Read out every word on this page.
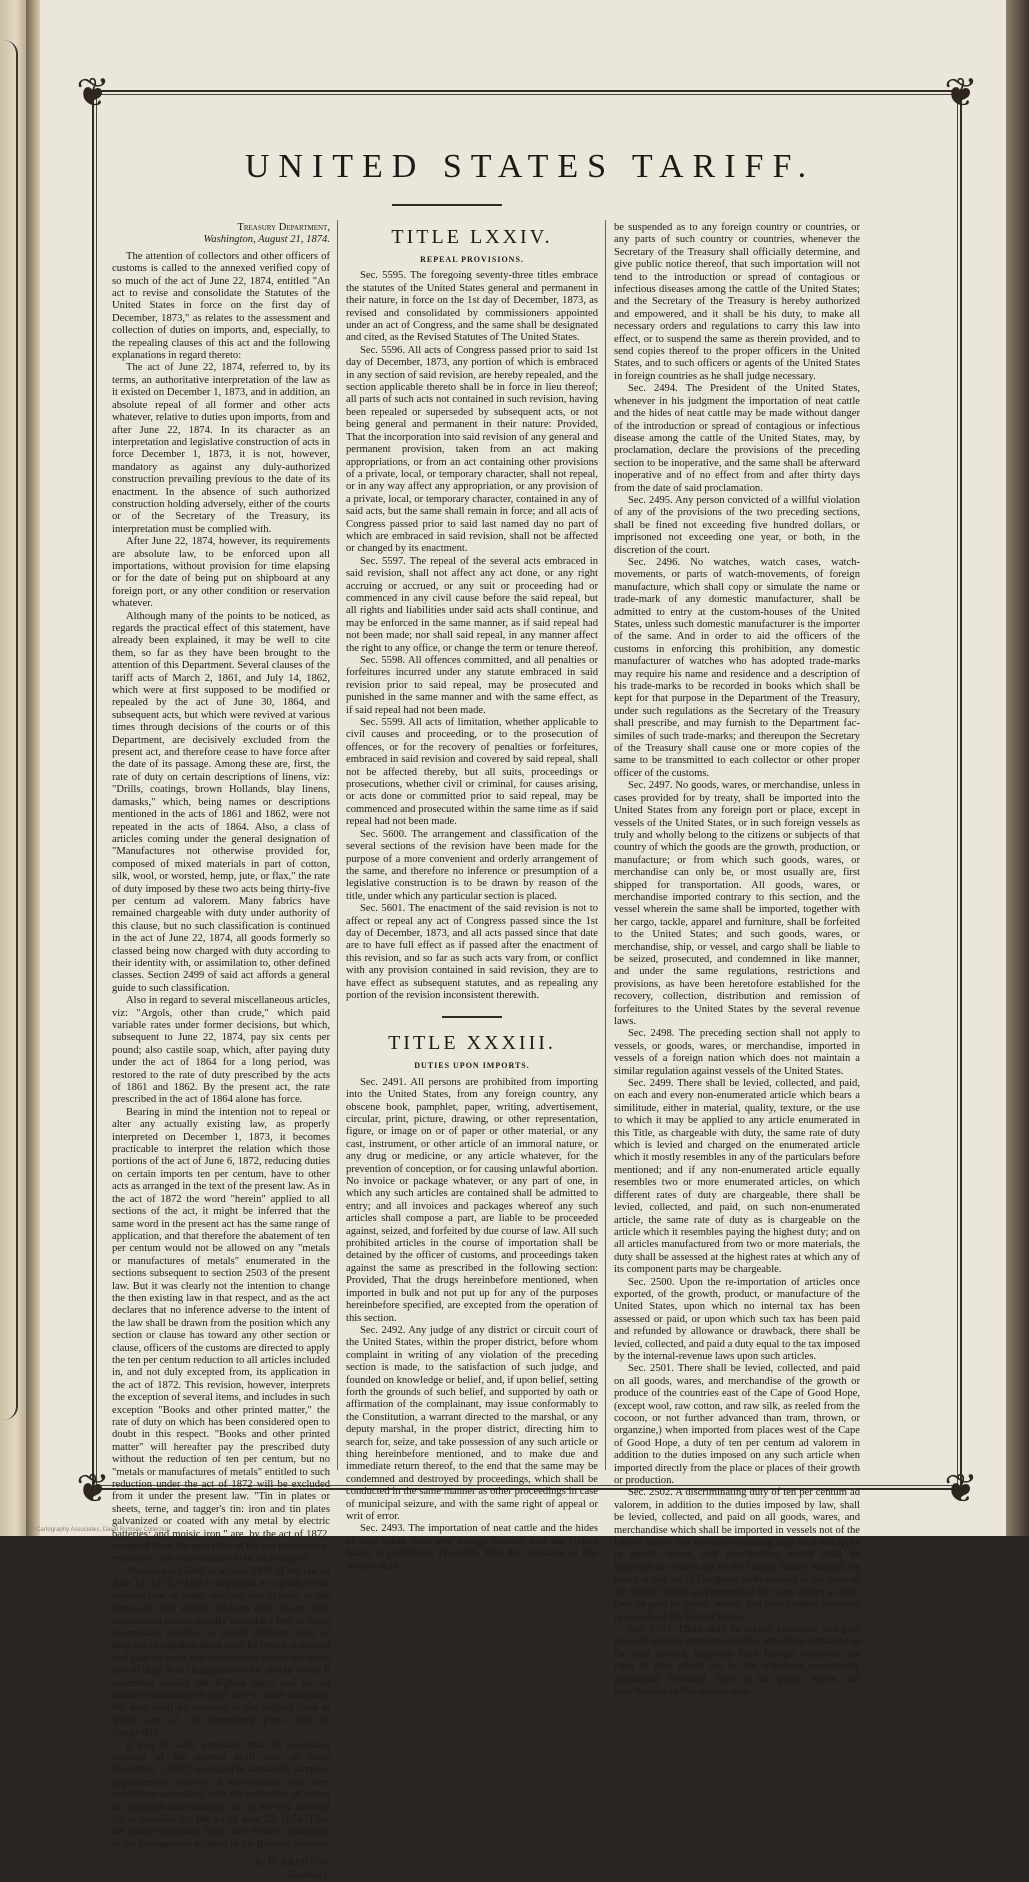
❦	❦
❦	❦
UNITED STATES TARIFF.
Treasury Department,
Washington, August 21, 1874.

The attention of collectors and other officers of customs is called to the annexed verified copy of so much of the act of June 22, 1874, entitled "An act to revise and consolidate the Statutes of the United States in force on the first day of December, 1873," as relates to the assessment and collection of duties on imports, and, especially, to the repealing clauses of this act and the following explanations in regard thereto:

The act of June 22, 1874, referred to, by its terms, an authoritative interpretation of the law as it existed on December 1, 1873, and in addition, an absolute repeal of all former and other acts whatever, relative to duties upon imports, from and after June 22, 1874. In its character as an interpretation and legislative construction of acts in force December 1, 1873, it is not, however, mandatory as against any duly-authorized construction prevailing previous to the date of its enactment. In the absence of such authorized construction holding adversely, either of the courts or of the Secretary of the Treasury, its interpretation must be complied with.

After June 22, 1874, however, its requirements are absolute law, to be enforced upon all importations, without provision for time elapsing or for the date of being put on shipboard at any foreign port, or any other condition or reservation whatever.

Although many of the points to be noticed, as regards the practical effect of this statement, have already been explained, it may be well to cite them, so far as they have been brought to the attention of this Department. Several clauses of the tariff acts of March 2, 1861, and July 14, 1862, which were at first supposed to be modified or repealed by the act of June 30, 1864, and subsequent acts, but which were revived at various times through decisions of the courts or of this Department, are decisively excluded from the present act, and therefore cease to have force after the date of its passage. Among these are, first, the rate of duty on certain descriptions of linens, viz: "Drills, coatings, brown Hollands, blay linens, damasks," which, being names or descriptions mentioned in the acts of 1861 and 1862, were not repeated in the acts of 1864. Also, a class of articles coming under the general designation of "Manufactures not otherwise provided for, composed of mixed materials in part of cotton, silk, wool, or worsted, hemp, jute, or flax," the rate of duty imposed by these two acts being thirty-five per centum ad valorem. Many fabrics have remained chargeable with duty under authority of this clause, but no such classification is continued in the act of June 22, 1874, all goods formerly so classed being now charged with duty according to their identity with, or assimilation to, other defined classes. Section 2499 of said act affords a general guide to such classification.

Also in regard to several miscellaneous articles, viz: "Argols, other than crude," which paid variable rates under former decisions, but which, subsequent to June 22, 1874, pay six cents per pound; also castile soap, which, after paying duty under the act of 1864 for a long period, was restored to the rate of duty prescribed by the acts of 1861 and 1862. By the present act, the rate prescribed in the act of 1864 alone has force.

Bearing in mind the intention not to repeal or alter any actually existing law, as properly interpreted on December 1, 1873, it becomes practicable to interpret the relation which those portions of the act of June 6, 1872, reducing duties on certain imports ten per centum, have to other acts as arranged in the text of the present law. As in the act of 1872 the word "herein" applied to all sections of the act, it might be inferred that the same word in the present act has the same range of application, and that therefore the abatement of ten per centum would not be allowed on any "metals or manufactures of metals" enumerated in the sections subsequent to section 2503 of the present law. But it was clearly not the intention to change the then existing law in that respect, and as the act declares that no inference adverse to the intent of the law shall be drawn from the position which any section or clause has toward any other section or clause, officers of the customs are directed to apply the ten per centum reduction to all articles included in, and not duly excepted from, its application in the act of 1872. This revision, however, interprets the exception of several items, and includes in such exception "Books and other printed matter," the rate of duty on which has been considered open to doubt in this respect. "Books and other printed matter" will hereafter pay the prescribed duty without the reduction of ten per centum, but no "metals or manufactures of metals" entitled to such reduction under the act of 1872 will be excluded from it under the present law. "Tin in plates or sheets, terne, and tagger's tin: iron and tin plates galvanized or coated with any metal by electric batteries; and moisic iron," are, by the act of 1872, excepted from the operation of the ten-per-centum-reduction, and will continue to be so excepted.

Attention is called to section 2499 of the law of June 22, 1874, which is important as a guide to the construction of other sections and clauses of the same act. This section declares that "If any non-enumerated article equally resembles two or more enumerated articles on which different rates of duty are chargeable, there shall be levied, collected and paid on such non-enumerated article the same rate of duty as is chargeable on the article which it resembles paying the highest duty; and on all articles manufactured from two or more materials, the duty shall be assessed at the highest rates at which any of its component parts may be chargeable."

It may be said, generally, that the associated sections of the several tariff acts in force December 1, 1873, in regard to standards, samples, appraisement, custody of merchandise, and other conditions associated with the collection of duties on imported merchandise, are in no way affected by, or repealed by, the act of June 22, 1874. They are simply separated from their former connection in the arrangement adopted in the Revised Statutes.

B. H. BRISTOW,
Secretary.
TITLE LXXIV.
REPEAL PROVISIONS.

Sec. 5595. The foregoing seventy-three titles embrace the statutes of the United States general and permanent in their nature, in force on the 1st day of December, 1873, as revised and consolidated by commissioners appointed under an act of Congress, and the same shall be designated and cited, as the Revised Statutes of The United States.

Sec. 5596. All acts of Congress passed prior to said 1st day of December, 1873, any portion of which is embraced in any section of said revision, are hereby repealed, and the section applicable thereto shall be in force in lieu thereof; all parts of such acts not contained in such revision, having been repealed or superseded by subsequent acts, or not being general and permanent in their nature: Provided, That the incorporation into said revision of any general and permanent provision, taken from an act making appropriations, or from an act containing other provisions of a private, local, or temporary character, shall not repeal, or in any way affect any appropriation, or any provision of a private, local, or temporary character, contained in any of said acts, but the same shall remain in force; and all acts of Congress passed prior to said last named day no part of which are embraced in said revision, shall not be affected or changed by its enactment.

Sec. 5597. The repeal of the several acts embraced in said revision, shall not affect any act done, or any right accruing or accrued, or any suit or proceeding had or commenced in any civil cause before the said repeal, but all rights and liabilities under said acts shall continue, and may be enforced in the same manner, as if said repeal had not been made; nor shall said repeal, in any manner affect the right to any office, or change the term or tenure thereof.

Sec. 5598. All offences committed, and all penalties or forfeitures incurred under any statute embraced in said revision prior to said repeal, may be prosecuted and punished in the same manner and with the same effect, as if said repeal had not been made.

Sec. 5599. All acts of limitation, whether applicable to civil causes and proceeding, or to the prosecution of offences, or for the recovery of penalties or forfeitures, embraced in said revision and covered by said repeal, shall not be affected thereby, but all suits, proceedings or prosecutions, whether civil or criminal, for causes arising, or acts done or committed prior to said repeal, may be commenced and prosecuted within the same time as if said repeal had not been made.

Sec. 5600. The arrangement and classification of the several sections of the revision have been made for the purpose of a more convenient and orderly arrangement of the same, and therefore no inference or presumption of a legislative construction is to be drawn by reason of the title, under which any particular section is placed.

Sec. 5601. The enactment of the said revision is not to affect or repeal any act of Congress passed since the 1st day of December, 1873, and all acts passed since that date are to have full effect as if passed after the enactment of this revision, and so far as such acts vary from, or conflict with any provision contained in said revision, they are to have effect as subsequent statutes, and as repealing any portion of the revision inconsistent therewith.

TITLE XXXIII.
DUTIES UPON IMPORTS.

Sec. 2491. All persons are prohibited from importing into the United States, from any foreign country, any obscene book, pamphlet, paper, writing, advertisement, circular, print, picture, drawing, or other representation, figure, or image on or of paper or other material, or any cast, instrument, or other article of an immoral nature, or any drug or medicine, or any article whatever, for the prevention of conception, or for causing unlawful abortion. No invoice or package whatever, or any part of one, in which any such articles are contained shall be admitted to entry; and all invoices and packages whereof any such articles shall compose a part, are liable to be proceeded against, seized, and forfeited by due course of law. All such prohibited articles in the course of importation shall be detained by the officer of customs, and proceedings taken against the same as prescribed in the following section: Provided, That the drugs hereinbefore mentioned, when imported in bulk and not put up for any of the purposes hereinbefore specified, are excepted from the operation of this section.

Sec. 2492. Any judge of any district or circuit court of the United States, within the proper district, before whom complaint in writing of any violation of the preceding section is made, to the satisfaction of such judge, and founded on knowledge or belief, and, if upon belief, setting forth the grounds of such belief, and supported by oath or affirmation of the complainant, may issue conformably to the Constitution, a warrant directed to the marshal, or any deputy marshal, in the proper district, directing him to search for, seize, and take possession of any such article or thing hereinbefore mentioned, and to make due and immediate return thereof, to the end that the same may be condemned and destroyed by proceedings, which shall be conducted in the same manner as other proceedings in case of municipal seizure, and with the same right of appeal or writ of error.

Sec. 2493. The importation of neat cattle and the hides of neat cattle from any foreign country into the United States is prohibited: Provided, That the operation of this section shall

be suspended as to any foreign country or countries, or any parts of such country or countries, whenever the Secretary of the Treasury shall officially determine, and give public notice thereof, that such importation will not tend to the introduction or spread of contagious or infectious diseases among the cattle of the United States; and the Secretary of the Treasury is hereby authorized and empowered, and it shall be his duty, to make all necessary orders and regulations to carry this law into effect, or to suspend the same as therein provided, and to send copies thereof to the proper officers in the United States, and to such officers or agents of the United States in foreign countries as he shall judge necessary.

Sec. 2494. The President of the United States, whenever in his judgment the importation of neat cattle and the hides of neat cattle may be made without danger of the introduction or spread of contagious or infectious disease among the cattle of the United States, may, by proclamation, declare the provisions of the preceding section to be inoperative, and the same shall be afterward inoperative and of no effect from and after thirty days from the date of said proclamation.

Sec. 2495. Any person convicted of a willful violation of any of the provisions of the two preceding sections, shall be fined not exceeding five hundred dollars, or imprisoned not exceeding one year, or both, in the discretion of the court.

Sec. 2496. No watches, watch cases, watch-movements, or parts of watch-movements, of foreign manufacture, which shall copy or simulate the name or trade-mark of any domestic manufacturer, shall be admitted to entry at the custom-houses of the United States, unless such domestic manufacturer is the importer of the same. And in order to aid the officers of the customs in enforcing this prohibition, any domestic manufacturer of watches who has adopted trade-marks may require his name and residence and a description of his trade-marks to be recorded in books which shall be kept for that purpose in the Department of the Treasury, under such regulations as the Secretary of the Treasury shall prescribe, and may furnish to the Department fac-similes of such trade-marks; and thereupon the Secretary of the Treasury shall cause one or more copies of the same to be transmitted to each collector or other proper officer of the customs.

Sec. 2497. No goods, wares, or merchandise, unless in cases provided for by treaty, shall be imported into the United States from any foreign port or place, except in vessels of the United States, or in such foreign vessels as truly and wholly belong to the citizens or subjects of that country of which the goods are the growth, production, or manufacture; or from which such goods, wares, or merchandise can only be, or most usually are, first shipped for transportation. All goods, wares, or merchandise imported contrary to this section, and the vessel wherein the same shall be imported, together with her cargo, tackle, apparel and furniture, shall be forfeited to the United States; and such goods, wares, or merchandise, ship, or vessel, and cargo shall be liable to be seized, prosecuted, and condemned in like manner, and under the same regulations, restrictions and provisions, as have been heretofore established for the recovery, collection, distribution and remission of forfeitures to the United States by the several revenue laws.

Sec. 2498. The preceding section shall not apply to vessels, or goods, wares, or merchandise, imported in vessels of a foreign nation which does not maintain a similar regulation against vessels of the United States.

Sec. 2499. There shall be levied, collected, and paid, on each and every non-enumerated article which bears a similitude, either in material, quality, texture, or the use to which it may be applied to any article enumerated in this Title, as chargeable with duty, the same rate of duty which is levied and charged on the enumerated article which it mostly resembles in any of the particulars before mentioned; and if any non-enumerated article equally resembles two or more enumerated articles, on which different rates of duty are chargeable, there shall be levied, collected, and paid, on such non-enumerated article, the same rate of duty as is chargeable on the article which it resembles paying the highest duty; and on all articles manufactured from two or more materials, the duty shall be assessed at the highest rates at which any of its component parts may be chargeable.

Sec. 2500. Upon the re-importation of articles once exported, of the growth, product, or manufacture of the United States, upon which no internal tax has been assessed or paid, or upon which such tax has been paid and refunded by allowance or drawback, there shall be levied, collected, and paid a duty equal to the tax imposed by the internal-revenue laws upon such articles.

Sec. 2501. There shall be levied, collected, and paid on all goods, wares, and merchandise of the growth or produce of the countries east of the Cape of Good Hope, (except wool, raw cotton, and raw silk, as reeled from the cocoon, or not further advanced than tram, thrown, or organzine,) when imported from places west of the Cape of Good Hope, a duty of ten per centum ad valorem in addition to the duties imposed on any such article when imported directly from the place or places of their growth or production.

Sec. 2502. A discriminating duty of ten per centum ad valorem, in addition to the duties imposed by law, shall be levied, collected, and paid on all goods, wares, and merchandise which shall be imported in vessels not of the United States; but this discriminating duty shall not apply to goods, wares, and merchandise which shall be imported in vessels not of the United States, entitled, by treaty or any act of Congress, to be entered in the ports of the United States on payment of the same duties as shall then be paid on goods, wares, and merchandise imported in vessels of the United States.

Sec. 2503. There shall be levied, collected, and paid upon all articles mentioned in the schedules contained in the next section, imported from foreign countries, the rates of duty which are by the schedules respectively prescribed: Provided, That on the goods, wares, and merchandise in this section enu-

© Cartography Associates, David Rumsey Collection
